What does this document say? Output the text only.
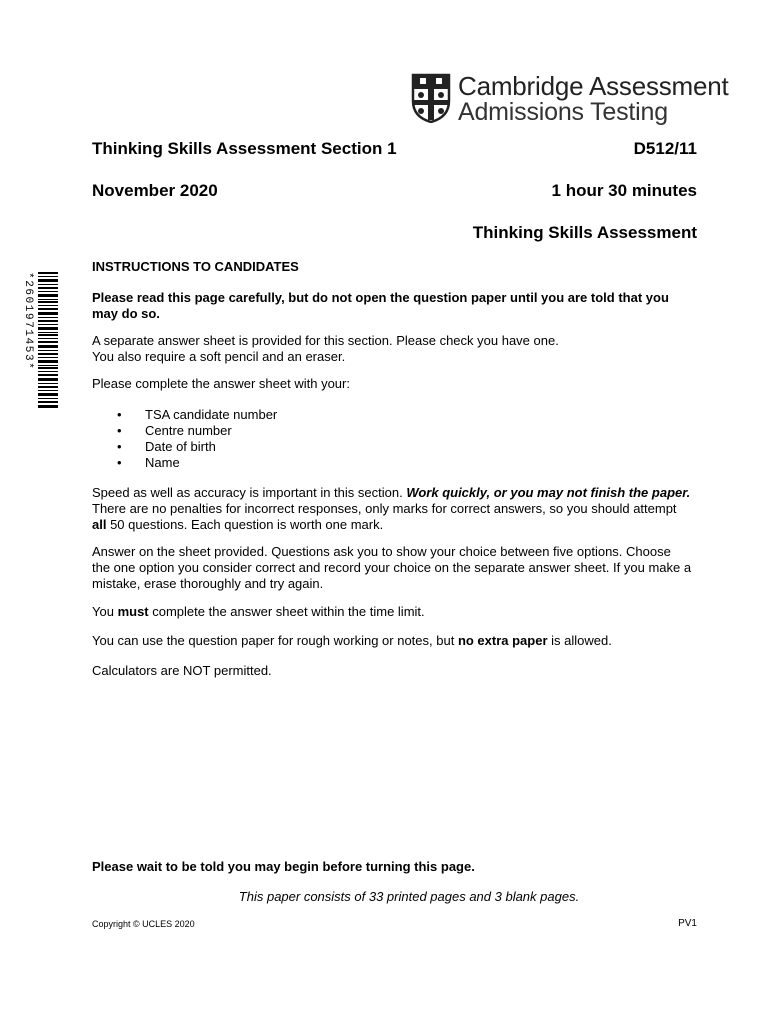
Cambridge Assessment
Admissions Testing
Thinking Skills Assessment Section 1	D512/11
November 2020	1 hour 30 minutes
Thinking Skills Assessment
*2601971453*

INSTRUCTIONS TO CANDIDATES

Please read this page carefully, but do not open the question paper until you are told that you may do so.

A separate answer sheet is provided for this section. Please check you have one.

You also require a soft pencil and an eraser.

Please complete the answer sheet with your:

• TSA candidate number
• Centre number
• Date of birth
• Name

Speed as well as accuracy is important in this section. Work quickly, or you may not finish the paper. There are no penalties for incorrect responses, only marks for correct answers, so you should attempt all 50 questions. Each question is worth one mark.

Answer on the sheet provided. Questions ask you to show your choice between five options. Choose the one option you consider correct and record your choice on the separate answer sheet. If you make a mistake, erase thoroughly and try again.

You must complete the answer sheet within the time limit.

You can use the question paper for rough working or notes, but no extra paper is allowed.

Calculators are NOT permitted.

Please wait to be told you may begin before turning this page.

This paper consists of 33 printed pages and 3 blank pages.
Copyright © UCLES 2020	PV1
